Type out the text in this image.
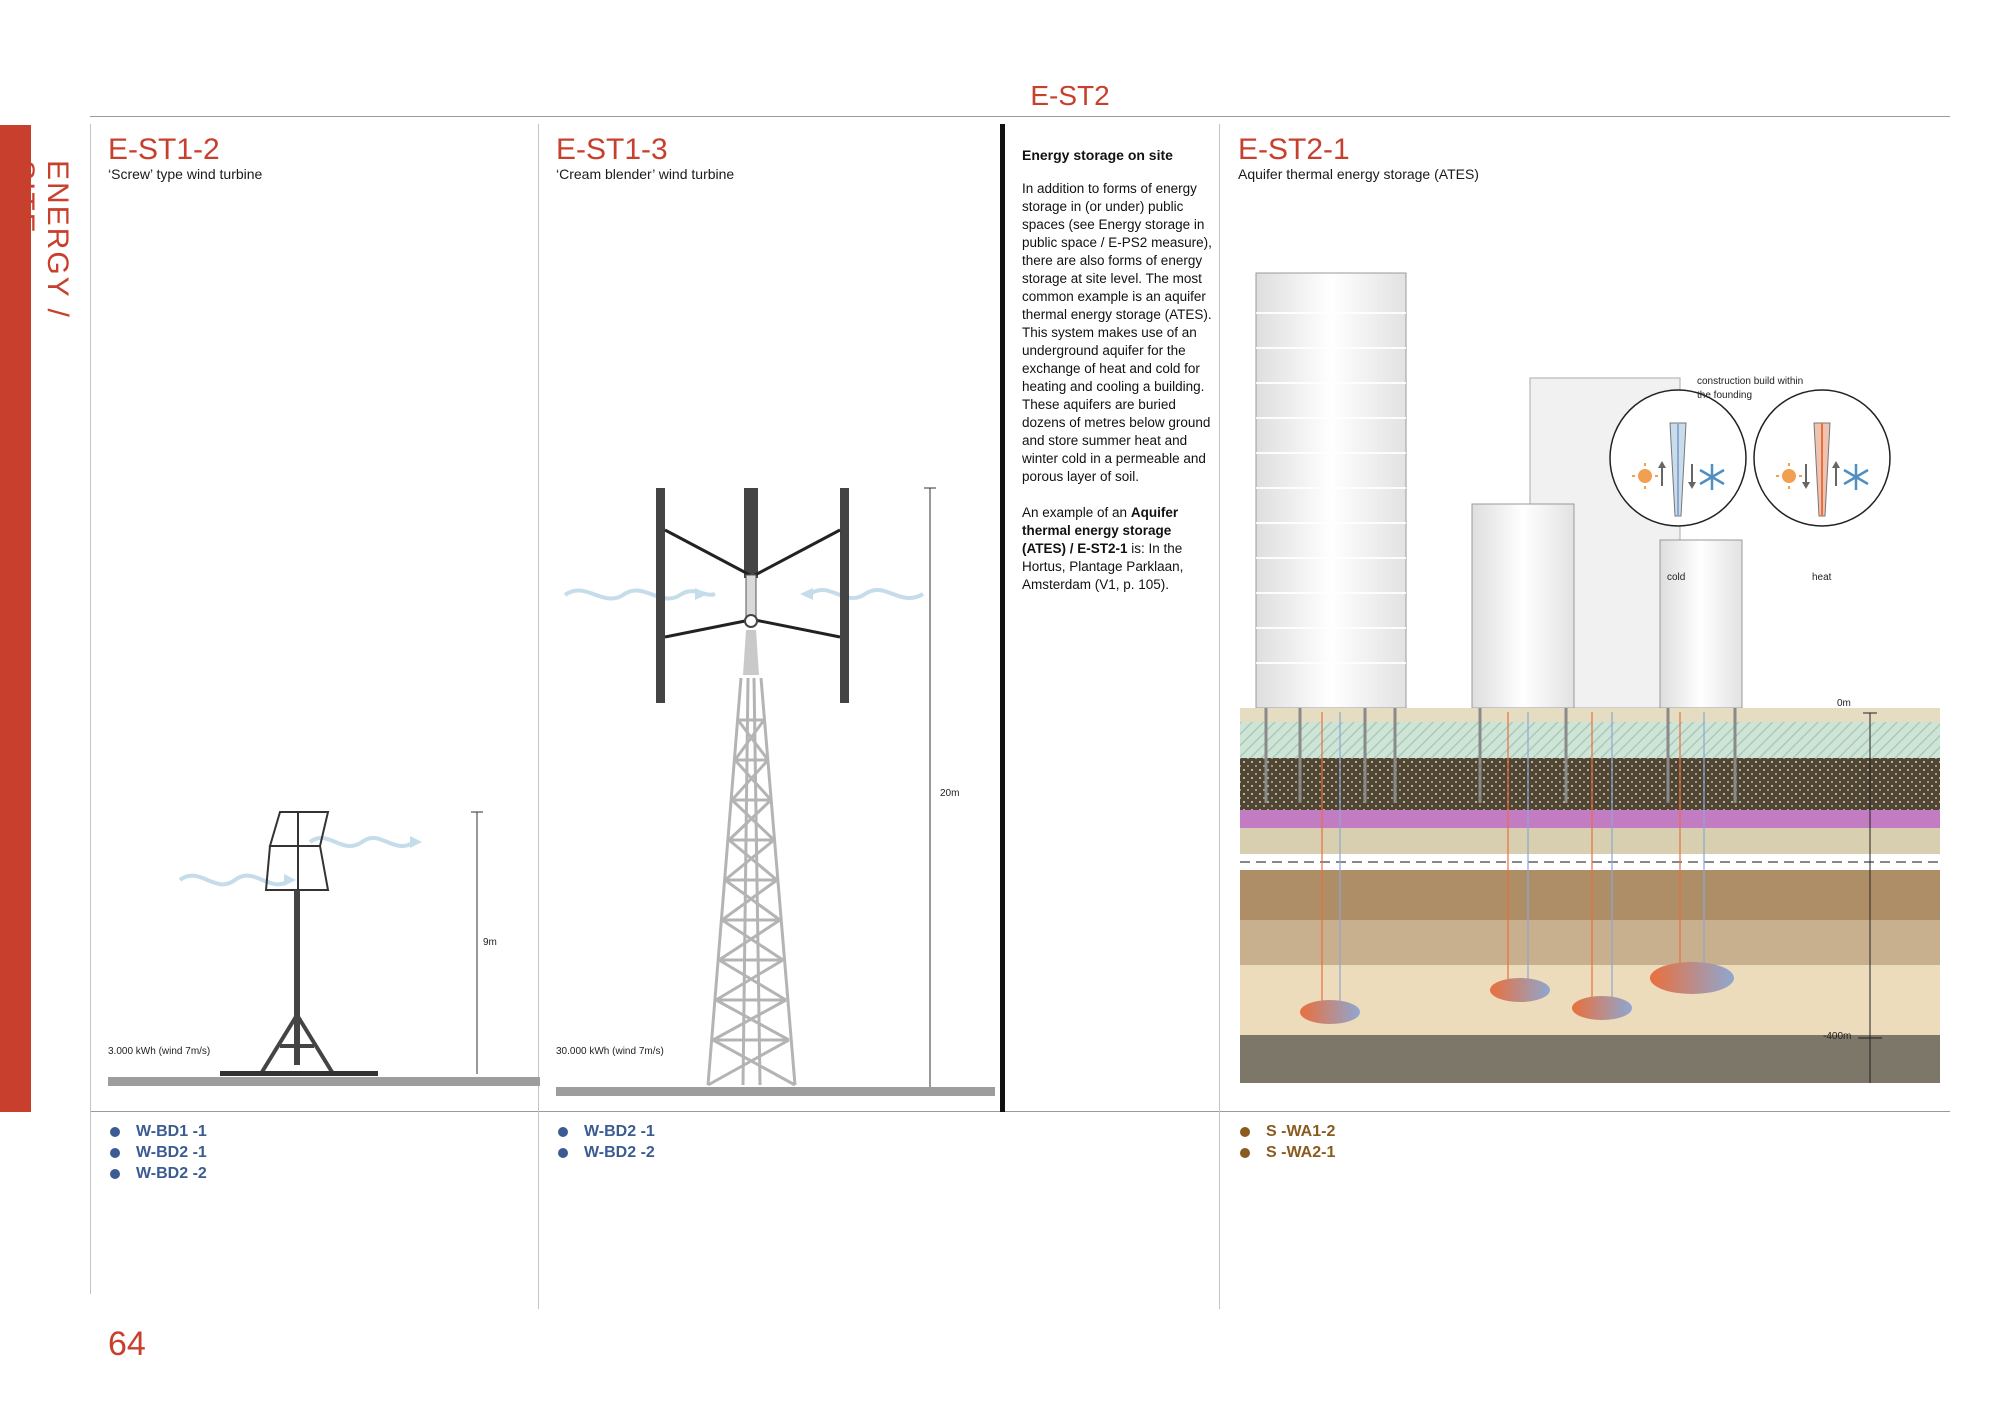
ENERGY / SITE
E-ST2
E-ST1-2
‘Screw’ type wind turbine
9m
3.000 kWh (wind 7m/s)
W-BD1 -1
W-BD2 -1
W-BD2 -2
E-ST1-3
‘Cream blender’ wind turbine
20m
30.000 kWh (wind 7m/s)
W-BD2 -1
W-BD2 -2
Energy storage on site

In addition to forms of energy storage in (or under) public spaces (see Energy storage in public space / E-PS2 measure), there are also forms of energy storage at site level. The most common example is an aquifer thermal energy storage (ATES). This system makes use of an underground aquifer for the exchange of heat and cold for heating and cooling a building. These aquifers are buried dozens of metres below ground and store summer heat and winter cold in a permeable and porous layer of soil.

An example of an Aquifer thermal energy storage (ATES) / E-ST2-1 is: In the Hortus, Plantage Parklaan, Amsterdam (V1, p. 105).

E-ST2-1
Aquifer thermal energy storage (ATES)
construction build within
the founding
cold	heat
0m
-400m
S -WA1-2
S -WA2-1
64
